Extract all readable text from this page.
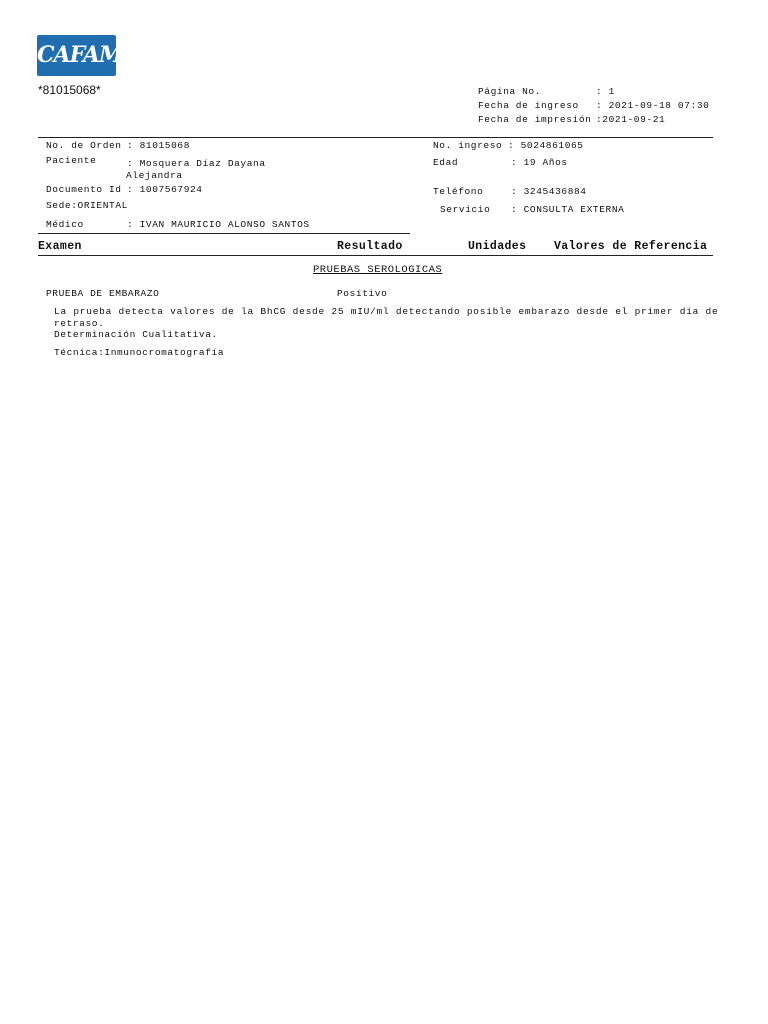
CAFAM
*81015068*	Página No.	: 1
Fecha de ingreso : 2021-09-18 07:30
Fecha de impresión :2021-09-21
No. de Orden : 81015068
Paciente	: Mosquera Díaz Dayana
Alejandra
Documento Id : 1007567924
Sede:ORIENTAL
Médico	: IVAN MAURICIO ALONSO SANTOS
No. ingreso : 5024861065
Edad	: 19 Años
Teléfono	: 3245436884
Servicio : CONSULTA EXTERNA
Examen	Resultado	Unidades Valores de Referencia
PRUEBAS SEROLOGICAS
PRUEBA DE EMBARAZO	Positivo
La prueba detecta valores de la BhCG desde 25 mIU/ml detectando posible embarazo desde el primer día de
retraso.
Determinación Cualitativa.
Técnica:Inmunocromatografía
